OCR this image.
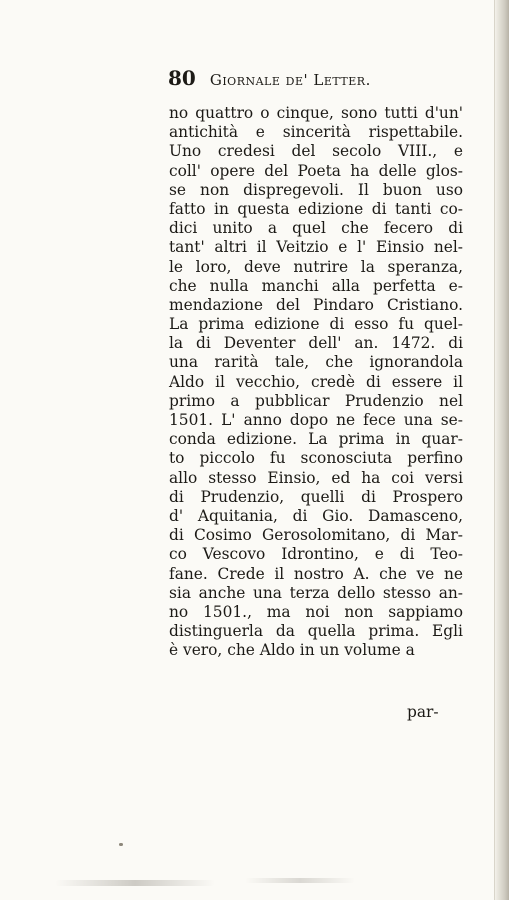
80 Giornale de' Letter.
no quattro o cinque, sono tutti d'un'
antichità e sincerità rispettabile.
Uno credesi del secolo VIII., e
coll' opere del Poeta ha delle glos-
se non dispregevoli. Il buon uso
fatto in questa edizione di tanti co-
dici unito a quel che fecero di
tant' altri il Veitzio e l' Einsio nel-
le loro, deve nutrire la speranza,
che nulla manchi alla perfetta e-
mendazione del Pindaro Cristiano.
La prima edizione di esso fu quel-
la di Deventer dell' an. 1472. di
una rarità tale, che ignorandola
Aldo il vecchio, credè di essere il
primo a pubblicar Prudenzio nel
1501. L' anno dopo ne fece una se-
conda edizione. La prima in quar-
to piccolo fu sconosciuta perfino
allo stesso Einsio, ed ha coi versi
di Prudenzio, quelli di Prospero
d' Aquitania, di Gio. Damasceno,
di Cosimo Gerosolomitano, di Mar-
co Vescovo Idrontino, e di Teo-
fane. Crede il nostro A. che ve ne
sia anche una terza dello stesso an-
no 1501., ma noi non sappiamo
distinguerla da quella prima. Egli
è vero, che Aldo in un volume a
par-
